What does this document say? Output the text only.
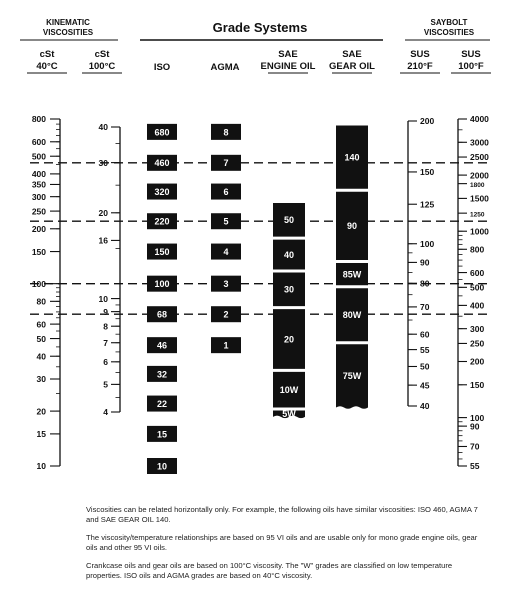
KINEMATIC
VISCOSITIES	Grade Systems	SAYBOLT
VISCOSITIES
cSt
40°C
cSt
100°C	ISO	AGMA
SAE
ENGINE OIL
SAE
GEAR OIL
SUS
210°F
SUS
100°F
800
600
500
400
350
300
250
200
150
100
80
60
50
40
30
20
15
10
40
30
20
16
10
9
8
7
6
5
4
200
150
125
100
90
80
70
60
55
50
45
40
4000
3000
2500
2000
1800
1500
1250
1000
800
600
500
400
300
250
200
150
100
90
70
55
680
460
320
220
150
100
68
46
32
22
15
10
8
7
6
5
4
3
2
1
50
40
30
20
10W
5W
140
90
85W
80W
75W

Viscosities can be related horizontally only. For example, the following oils have similar viscosities: ISO 460, AGMA 7 and SAE GEAR OIL 140.

The viscosity/temperature relationships are based on 95 VI oils and are usable only for mono grade engine oils, gear oils and other 95 VI oils.

Crankcase oils and gear oils are based on 100°C viscosity. The "W" grades are classified on low temperature properties. ISO oils and AGMA grades are based on 40°C viscosity.
